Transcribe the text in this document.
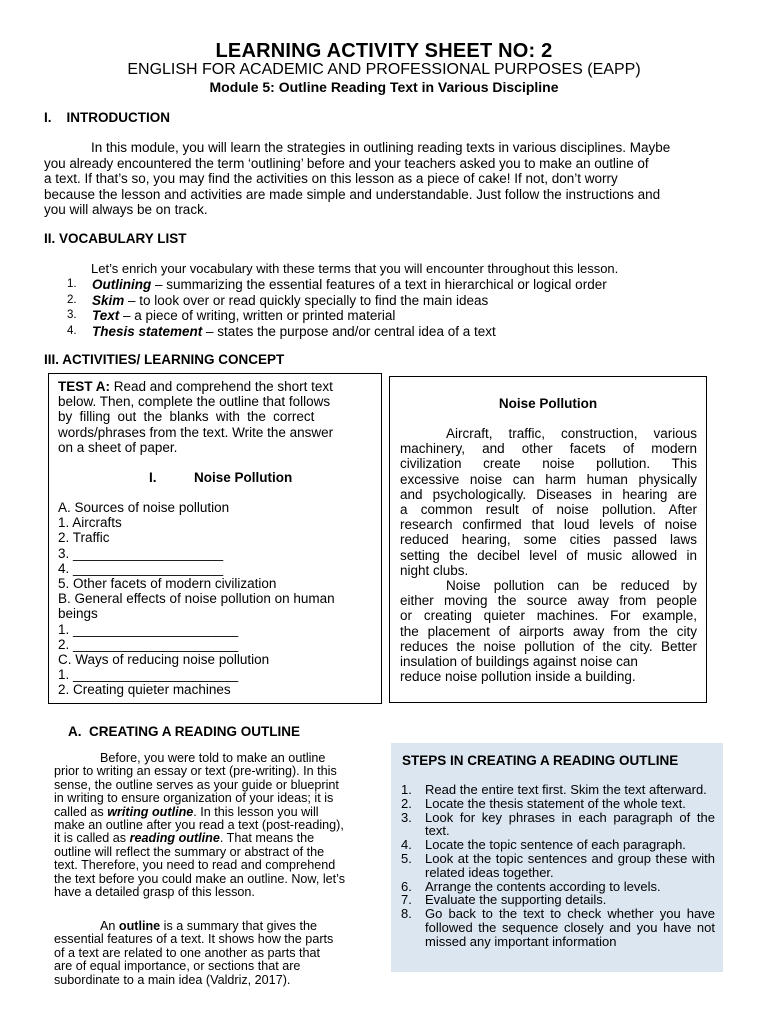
LEARNING ACTIVITY SHEET NO: 2
ENGLISH FOR ACADEMIC AND PROFESSIONAL PURPOSES (EAPP)
Module 5: Outline Reading Text in Various Discipline
I.    INTRODUCTION
In this module, you will learn the strategies in outlining reading texts in various disciplines. Maybe
you already encountered the term ‘outlining’ before and your teachers asked you to make an outline of
a text. If that’s so, you may find the activities on this lesson as a piece of cake! If not, don’t worry
because the lesson and activities are made simple and understandable. Just follow the instructions and
you will always be on track.
II. VOCABULARY LIST
Let’s enrich your vocabulary with these terms that you will encounter throughout this lesson.
1.	Outlining – summarizing the essential features of a text in hierarchical or logical order
2.	Skim – to look over or read quickly specially to find the main ideas
3.	Text – a piece of writing, written or printed material
4.	Thesis statement – states the purpose and/or central idea of a text
III. ACTIVITIES/ LEARNING CONCEPT
TEST A: Read and comprehend the short text
below. Then, complete the outline that follows
by filling out the blanks with the correct
words/phrases from the text. Write the answer
on a sheet of paper.
I.	Noise Pollution
A. Sources of noise pollution
1. Aircrafts
2. Traffic
3. ____________________
4. ____________________
5. Other facets of modern civilization
B. General effects of noise pollution on human
beings
1. ______________________
2. ______________________
C. Ways of reducing noise pollution
1. ______________________
2. Creating quieter machines
Noise Pollution
Aircraft, traffic, construction, various
machinery, and other facets of modern
civilization create noise pollution. This
excessive noise can harm human physically
and psychologically. Diseases in hearing are
a common result of noise pollution. After
research confirmed that loud levels of noise
reduced hearing, some cities passed laws
setting the decibel level of music allowed in
night clubs.
Noise pollution can be reduced by
either moving the source away from people
or creating quieter machines. For example,
the placement of airports away from the city
reduces the noise pollution of the city. Better
insulation of buildings against noise can
reduce noise pollution inside a building.
A.  CREATING A READING OUTLINE
Before, you were told to make an outline
prior to writing an essay or text (pre-writing). In this
sense, the outline serves as your guide or blueprint
in writing to ensure organization of your ideas; it is
called as writing outline. In this lesson you will
make an outline after you read a text (post-reading),
it is called as reading outline. That means the
outline will reflect the summary or abstract of the
text. Therefore, you need to read and comprehend
the text before you could make an outline. Now, let’s
have a detailed grasp of this lesson.
An outline is a summary that gives the
essential features of a text. It shows how the parts
of a text are related to one another as parts that
are of equal importance, or sections that are
subordinate to a main idea (Valdriz, 2017).
STEPS IN CREATING A READING OUTLINE
1.	Read the entire text first. Skim the text afterward.
2.	Locate the thesis statement of the whole text.
3.	Look for key phrases in each paragraph of the text.
4.	Locate the topic sentence of each paragraph.
5.	Look at the topic sentences and group these with related ideas together.
6.	Arrange the contents according to levels.
7.	Evaluate the supporting details.
8.	Go back to the text to check whether you have followed the sequence closely and you have not missed any important information
